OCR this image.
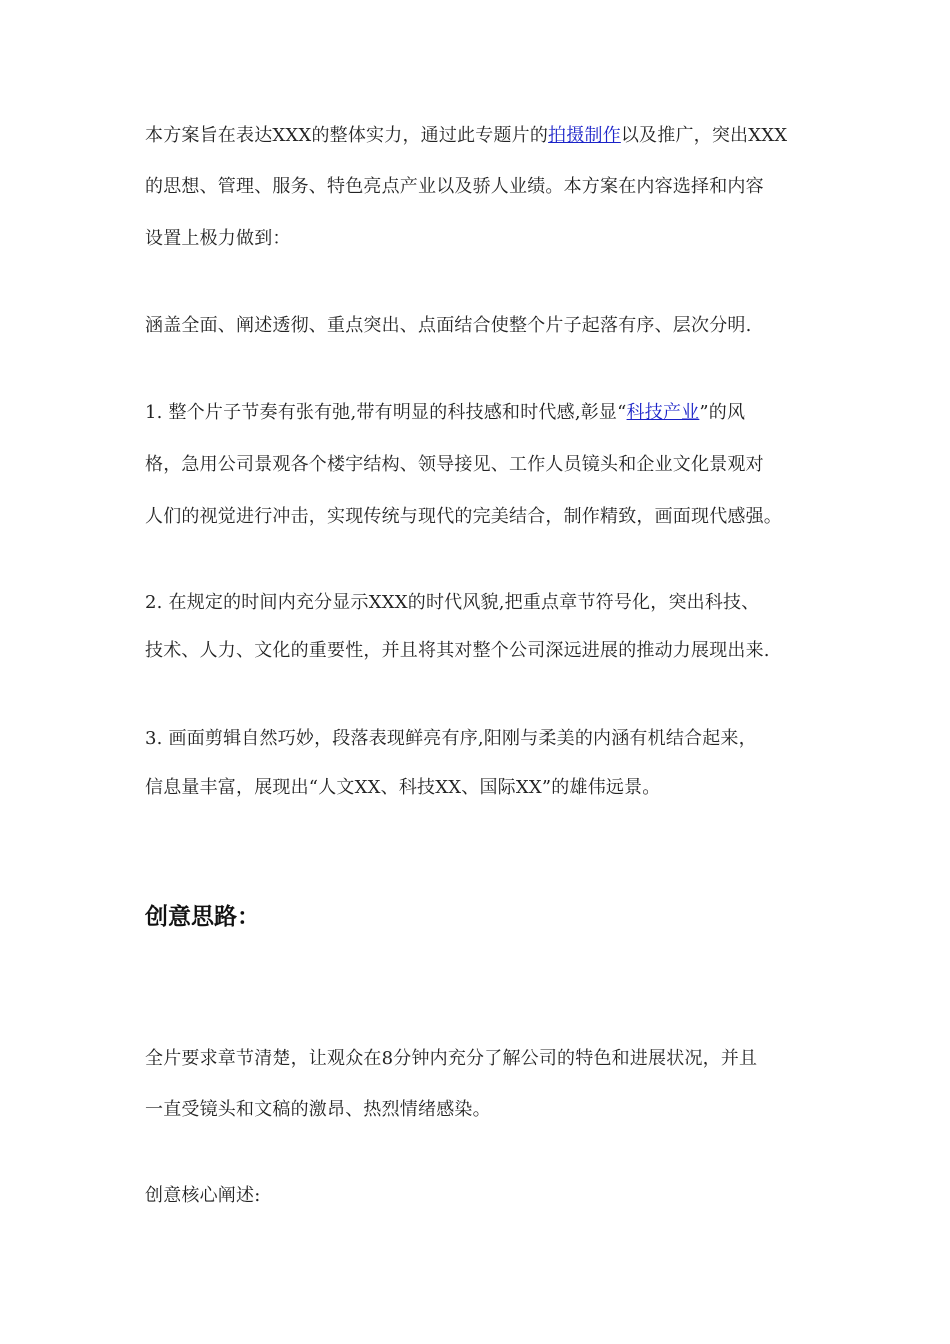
本方案旨在表达XXX的整体实力，通过此专题片的拍摄制作以及推广，突出XXX
的思想、管理、服务、特色亮点产业以及骄人业绩。本方案在内容选择和内容
设置上极力做到：
涵盖全面、阐述透彻、重点突出、点面结合使整个片子起落有序、层次分明.
1. 整个片子节奏有张有弛,带有明显的科技感和时代感,彰显“科技产业”的风
格，急用公司景观各个楼宇结构、领导接见、工作人员镜头和企业文化景观对
人们的视觉进行冲击，实现传统与现代的完美结合，制作精致，画面现代感强。
2. 在规定的时间内充分显示XXX的时代风貌,把重点章节符号化，突出科技、
技术、人力、文化的重要性，并且将其对整个公司深远进展的推动力展现出来.
3. 画面剪辑自然巧妙，段落表现鲜亮有序,阳刚与柔美的内涵有机结合起来，
信息量丰富，展现出“人文XX、科技XX、国际XX”的雄伟远景。
创意思路：
全片要求章节清楚，让观众在8分钟内充分了解公司的特色和进展状况，并且
一直受镜头和文稿的激昂、热烈情绪感染。
创意核心阐述:
